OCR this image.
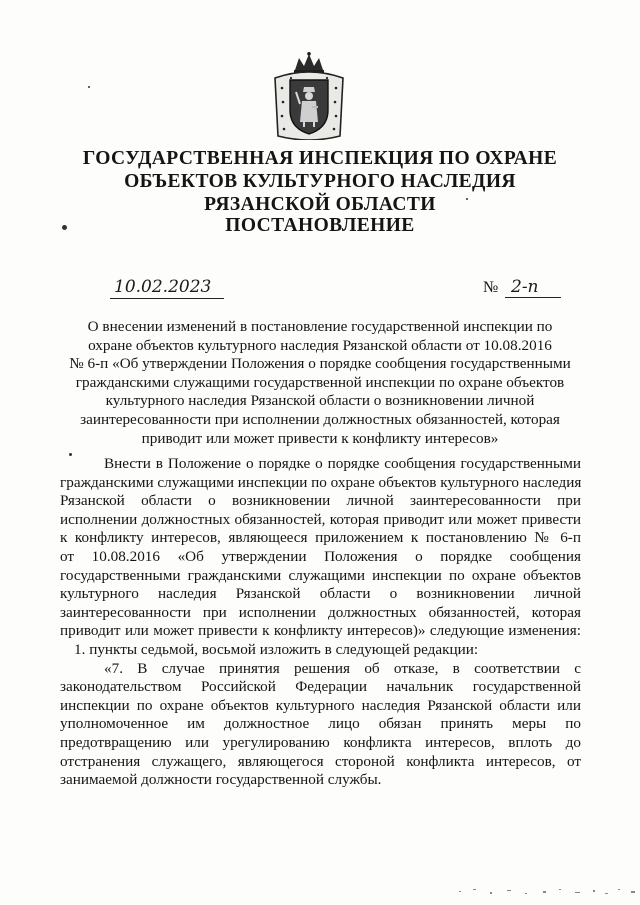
ГОСУДАРСТВЕННАЯ ИНСПЕКЦИЯ ПО ОХРАНЕ
ОБЪЕКТОВ КУЛЬТУРНОГО НАСЛЕДИЯ
РЯЗАНСКОЙ ОБЛАСТИ
ПОСТАНОВЛЕНИЕ
10.02.2023	№ 2-п
О внесении изменений в постановление государственной инспекции по
охране объектов культурного наследия Рязанской области от 10.08.2016
№ 6-п «Об утверждении Положения о порядке сообщения государственными
гражданскими служащими государственной инспекции по охране объектов
культурного наследия Рязанской области о возникновении личной
заинтересованности при исполнении должностных обязанностей, которая
приводит или может привести к конфликту интересов»
Внести в Положение о порядке о порядке сообщения государственными
гражданскими служащими инспекции по охране объектов культурного наследия
Рязанской области о возникновении личной заинтересованности при
исполнении должностных обязанностей, которая приводит или может привести
к конфликту интересов, являющееся приложением к постановлению № 6-п
от 10.08.2016 «Об утверждении Положения о порядке сообщения
государственными гражданскими служащими инспекции по охране объектов
культурного наследия Рязанской области о возникновении личной
заинтересованности при исполнении должностных обязанностей, которая
приводит или может привести к конфликту интересов)» следующие изменения:
1. пункты седьмой, восьмой изложить в следующей редакции:
«7. В случае принятия решения об отказе, в соответствии с
законодательством Российской Федерации начальник государственной
инспекции по охране объектов культурного наследия Рязанской области или
уполномоченное им должностное лицо обязан принять меры по
предотвращению или урегулированию конфликта интересов, вплоть до
отстранения служащего, являющегося стороной конфликта интересов, от
занимаемой должности государственной службы.
